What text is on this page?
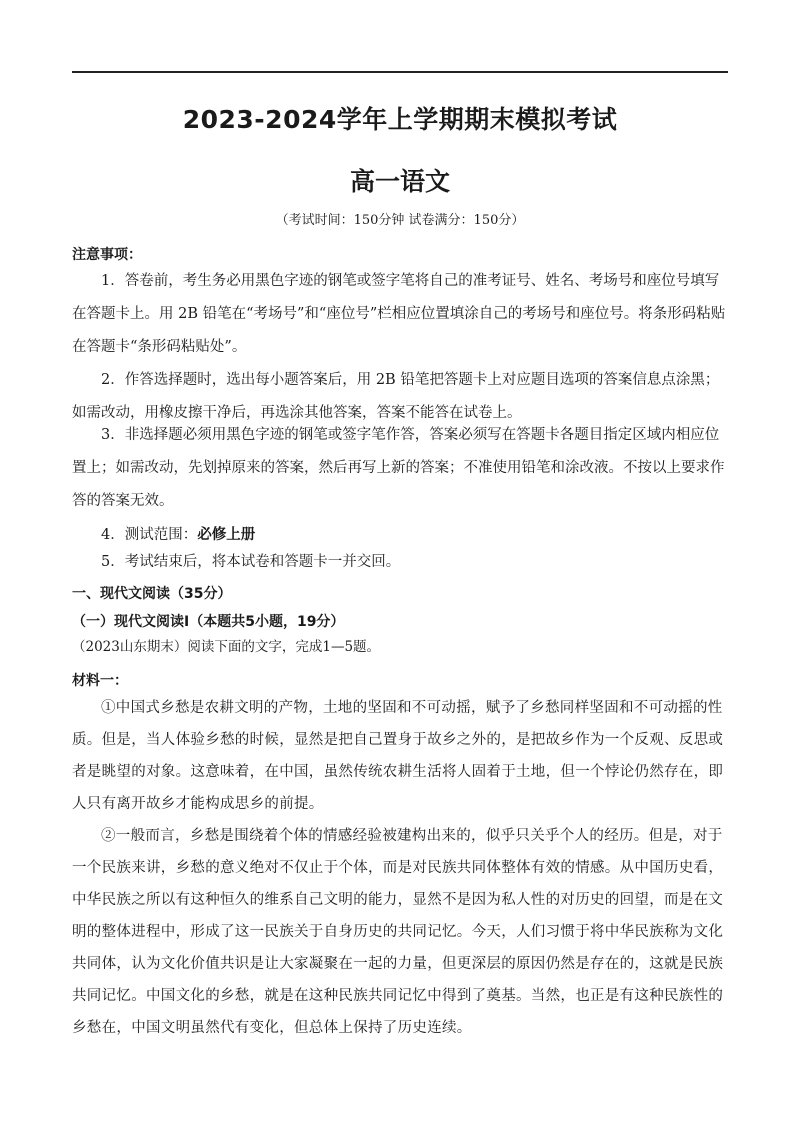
2023-2024学年上学期期末模拟考试
高一语文
（考试时间：150分钟 试卷满分：150分）
注意事项：
1．答卷前，考生务必用黑色字迹的钢笔或签字笔将自己的准考证号、姓名、考场号和座位号填写在答题卡上。用 2B 铅笔在“考场号”和“座位号”栏相应位置填涂自己的考场号和座位号。将条形码粘贴在答题卡“条形码粘贴处”。
2．作答选择题时，选出每小题答案后，用 2B 铅笔把答题卡上对应题目选项的答案信息点涂黑；如需改动，用橡皮擦干净后，再选涂其他答案，答案不能答在试卷上。
3．非选择题必须用黑色字迹的钢笔或签字笔作答，答案必须写在答题卡各题目指定区域内相应位置上；如需改动，先划掉原来的答案，然后再写上新的答案；不准使用铅笔和涂改液。不按以上要求作答的答案无效。
4．测试范围：必修上册
5．考试结束后，将本试卷和答题卡一并交回。
一、现代文阅读（35分）
（一）现代文阅读Ⅰ（本题共5小题，19分）
（2023山东期末）阅读下面的文字，完成1—5题。
材料一：
①中国式乡愁是农耕文明的产物，土地的坚固和不可动摇，赋予了乡愁同样坚固和不可动摇的性质。但是，当人体验乡愁的时候，显然是把自己置身于故乡之外的，是把故乡作为一个反观、反思或者是眺望的对象。这意味着，在中国，虽然传统农耕生活将人固着于土地，但一个悖论仍然存在，即人只有离开故乡才能构成思乡的前提。
②一般而言，乡愁是围绕着个体的情感经验被建构出来的，似乎只关乎个人的经历。但是，对于一个民族来讲，乡愁的意义绝对不仅止于个体，而是对民族共同体整体有效的情感。从中国历史看，中华民族之所以有这种恒久的维系自己文明的能力，显然不是因为私人性的对历史的回望，而是在文明的整体进程中，形成了这一民族关于自身历史的共同记忆。今天，人们习惯于将中华民族称为文化共同体，认为文化价值共识是让大家凝聚在一起的力量，但更深层的原因仍然是存在的，这就是民族共同记忆。中国文化的乡愁，就是在这种民族共同记忆中得到了奠基。当然，也正是有这种民族性的乡愁在，中国文明虽然代有变化，但总体上保持了历史连续。
